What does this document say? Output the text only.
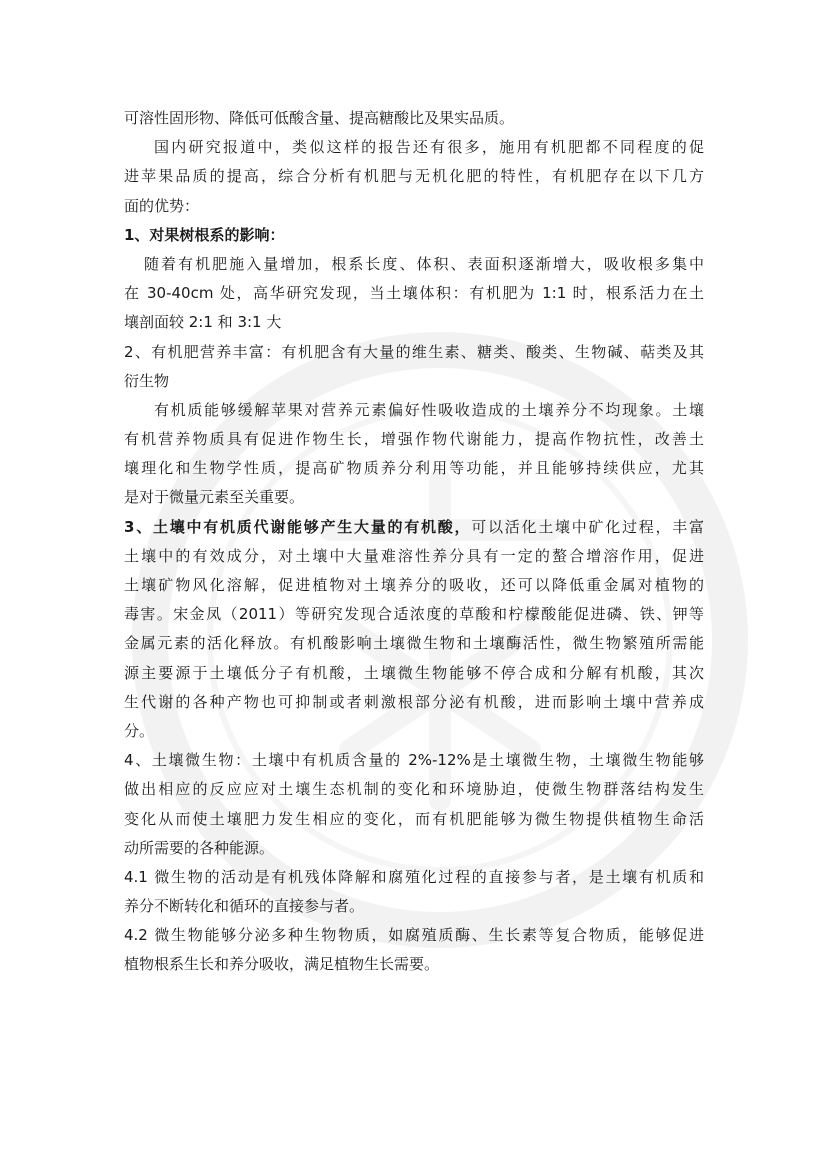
可溶性固形物、降低可低酸含量、提高糖酸比及果实品质。
国内研究报道中，类似这样的报告还有很多，施用有机肥都不同程度的促
进苹果品质的提高，综合分析有机肥与无机化肥的特性，有机肥存在以下几方
面的优势：
1、对果树根系的影响：
随着有机肥施入量增加，根系长度、体积、表面积逐渐增大，吸收根多集中
在 30-40cm 处，高华研究发现，当土壤体积：有机肥为 1:1 时，根系活力在土
壤剖面较 2:1 和 3:1 大
2、有机肥营养丰富：有机肥含有大量的维生素、糖类、酸类、生物碱、萜类及其
衍生物
有机质能够缓解苹果对营养元素偏好性吸收造成的土壤养分不均现象。土壤
有机营养物质具有促进作物生长，增强作物代谢能力，提高作物抗性，改善土
壤理化和生物学性质，提高矿物质养分利用等功能，并且能够持续供应，尤其
是对于微量元素至关重要。
3、土壤中有机质代谢能够产生大量的有机酸，可以活化土壤中矿化过程，丰富
土壤中的有效成分，对土壤中大量难溶性养分具有一定的螯合增溶作用，促进
土壤矿物风化溶解，促进植物对土壤养分的吸收，还可以降低重金属对植物的
毒害。宋金凤（2011）等研究发现合适浓度的草酸和柠檬酸能促进磷、铁、钾等
金属元素的活化释放。有机酸影响土壤微生物和土壤酶活性，微生物繁殖所需能
源主要源于土壤低分子有机酸，土壤微生物能够不停合成和分解有机酸，其次
生代谢的各种产物也可抑制或者刺激根部分泌有机酸，进而影响土壤中营养成
分。
4、土壤微生物：土壤中有机质含量的 2%-12%是土壤微生物，土壤微生物能够
做出相应的反应应对土壤生态机制的变化和环境胁迫，使微生物群落结构发生
变化从而使土壤肥力发生相应的变化，而有机肥能够为微生物提供植物生命活
动所需要的各种能源。
4.1 微生物的活动是有机残体降解和腐殖化过程的直接参与者，是土壤有机质和
养分不断转化和循环的直接参与者。
4.2 微生物能够分泌多种生物物质，如腐殖质酶、生长素等复合物质，能够促进
植物根系生长和养分吸收，满足植物生长需要。
